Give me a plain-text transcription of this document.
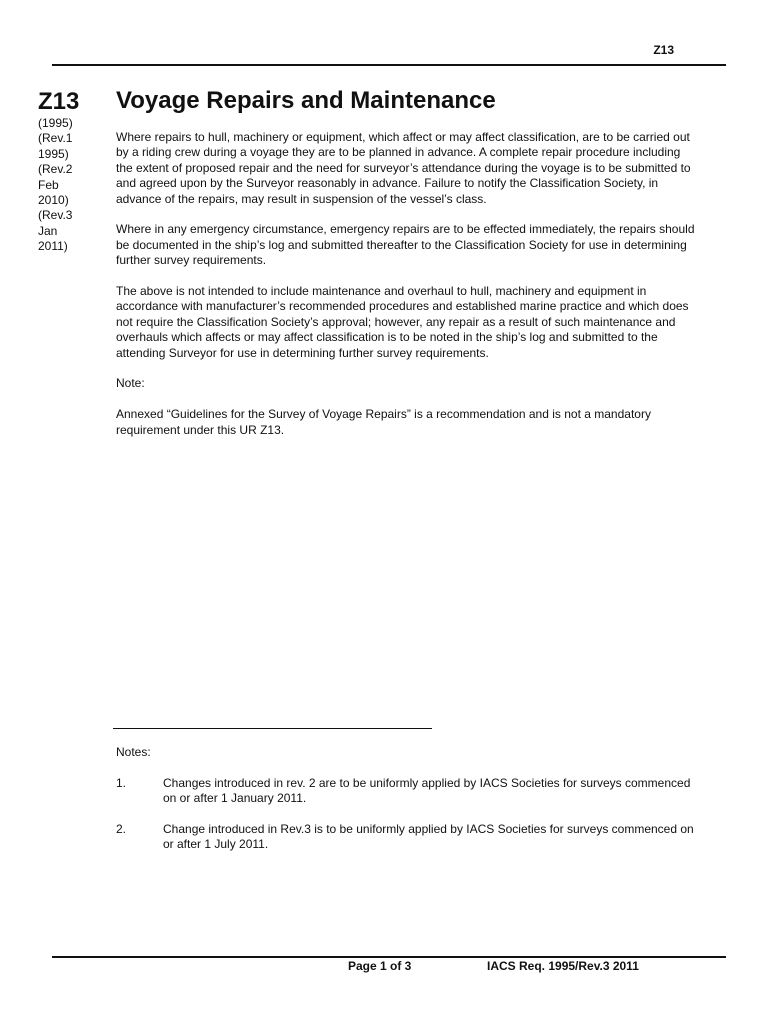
Z13
Z13
(1995)
(Rev.1
1995)
(Rev.2
Feb
2010)
(Rev.3
Jan
2011)
Voyage Repairs and Maintenance

Where repairs to hull, machinery or equipment, which affect or may affect classification, are to be carried out by a riding crew during a voyage they are to be planned in advance. A complete repair procedure including the extent of proposed repair and the need for surveyor’s attendance during the voyage is to be submitted to and agreed upon by the Surveyor reasonably in advance. Failure to notify the Classification Society, in advance of the repairs, may result in suspension of the vessel’s class.

Where in any emergency circumstance, emergency repairs are to be effected immediately, the repairs should be documented in the ship’s log and submitted thereafter to the Classification Society for use in determining further survey requirements.

The above is not intended to include maintenance and overhaul to hull, machinery and equipment in accordance with manufacturer’s recommended procedures and established marine practice and which does not require the Classification Society’s approval; however, any repair as a result of such maintenance and overhauls which affects or may affect classification is to be noted in the ship’s log and submitted to the attending Surveyor for use in determining further survey requirements.

Note:

Annexed “Guidelines for the Survey of Voyage Repairs” is a recommendation and is not a mandatory requirement under this UR Z13.

Notes:
1.	Changes introduced in rev. 2 are to be uniformly applied by IACS Societies for surveys commenced on or after 1 January 2011.
2.	Change introduced in Rev.3 is to be uniformly applied by IACS Societies for surveys commenced on or after 1 July 2011.
Page 1 of 3	IACS Req. 1995/Rev.3 2011
